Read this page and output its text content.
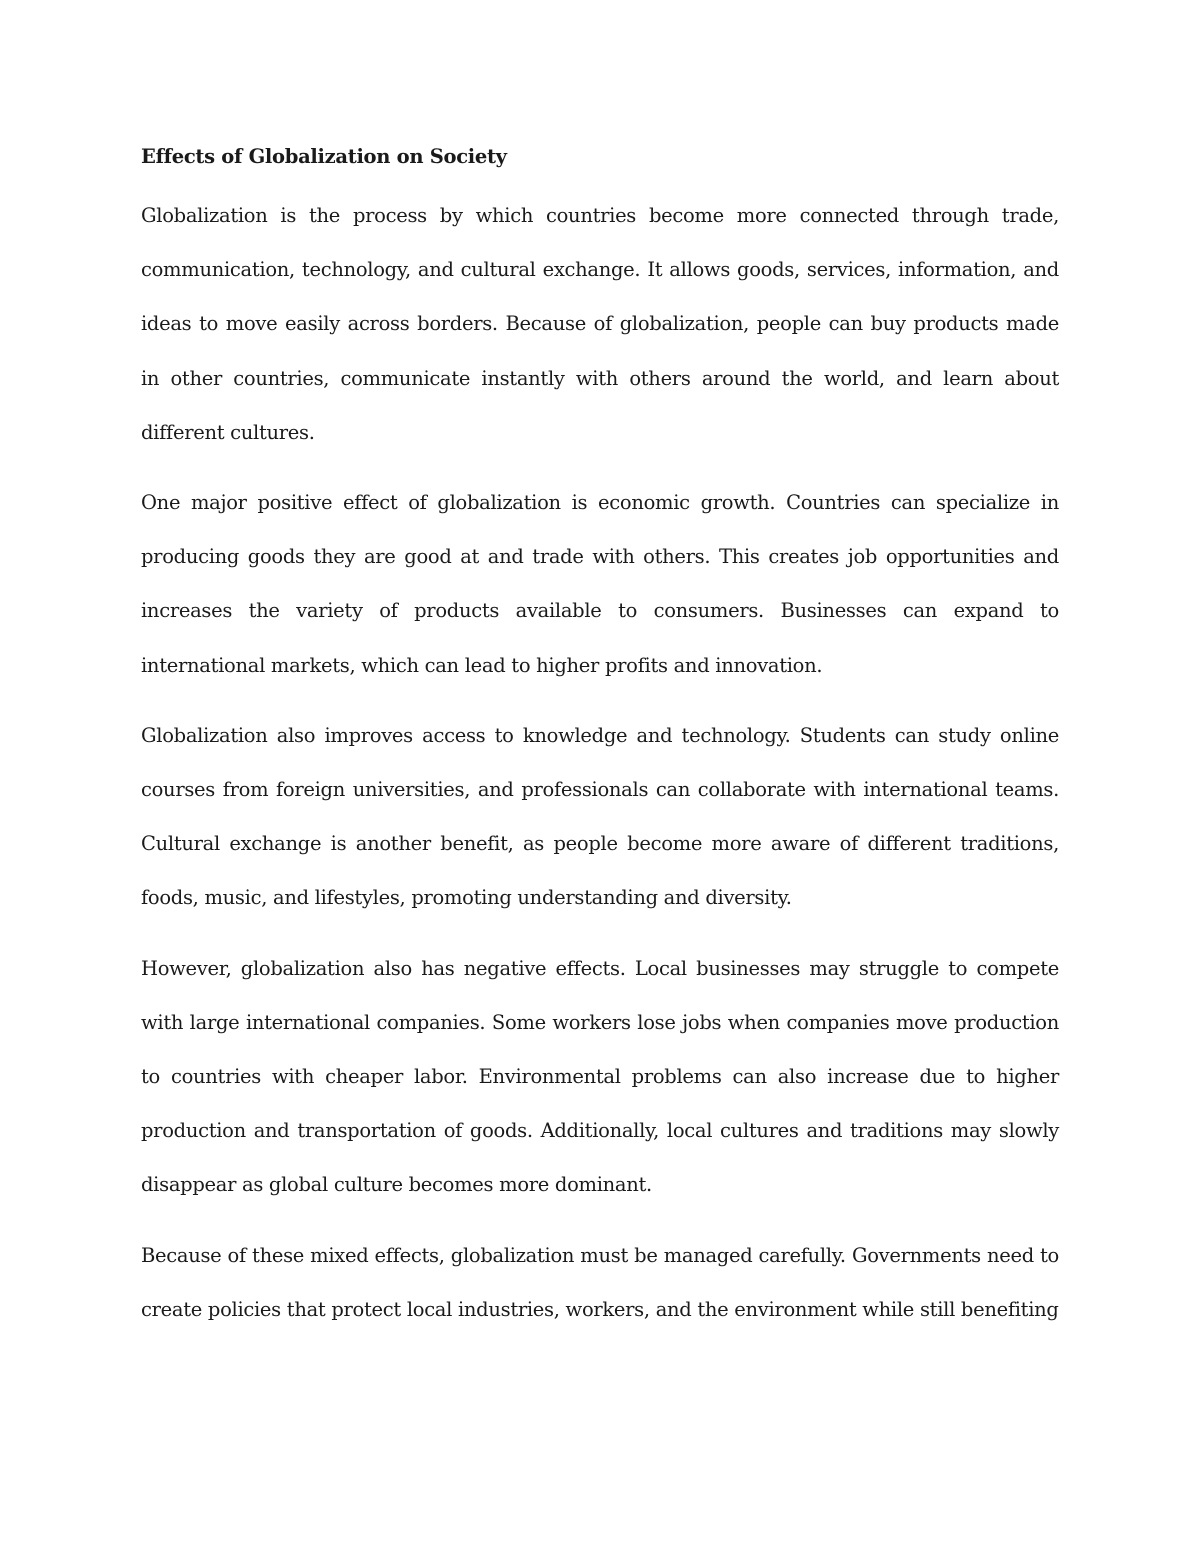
Effects of Globalization on Society

Globalization is the process by which countries become more connected through trade, communication, technology, and cultural exchange. It allows goods, services, information, and ideas to move easily across borders. Because of globalization, people can buy products made in other countries, communicate instantly with others around the world, and learn about different cultures.

One major positive effect of globalization is economic growth. Countries can specialize in producing goods they are good at and trade with others. This creates job opportunities and increases the variety of products available to consumers. Businesses can expand to international markets, which can lead to higher profits and innovation.

Globalization also improves access to knowledge and technology. Students can study online courses from foreign universities, and professionals can collaborate with international teams. Cultural exchange is another benefit, as people become more aware of different traditions, foods, music, and lifestyles, promoting understanding and diversity.

However, globalization also has negative effects. Local businesses may struggle to compete with large international companies. Some workers lose jobs when companies move production to countries with cheaper labor. Environmental problems can also increase due to higher production and transportation of goods. Additionally, local cultures and traditions may slowly disappear as global culture becomes more dominant.

Because of these mixed effects, globalization must be managed carefully. Governments need to create policies that protect local industries, workers, and the environment while still benefiting
